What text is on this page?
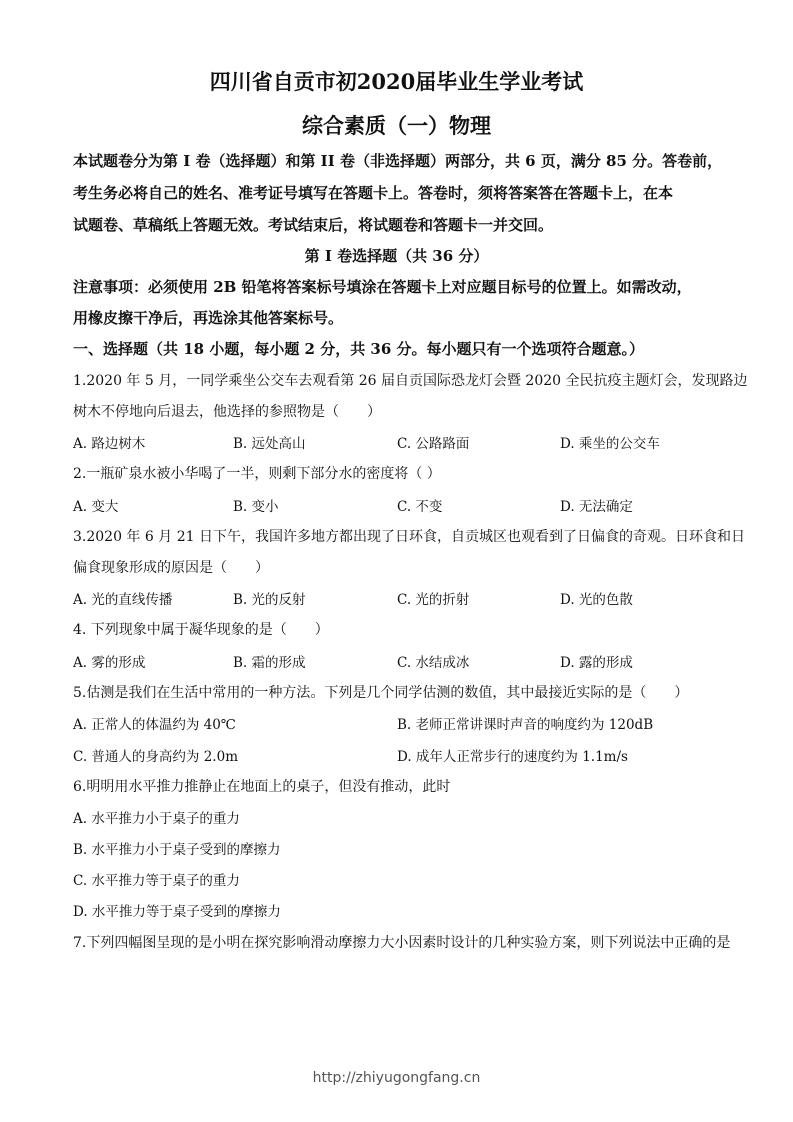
四川省自贡市初2020届毕业生学业考试
综合素质（一）物理
本试题卷分为第 I 卷（选择题）和第 II 卷（非选择题）两部分，共 6 页，满分 85 分。答卷前，
考生务必将自己的姓名、准考证号填写在答题卡上。答卷时，须将答案答在答题卡上，在本
试题卷、草稿纸上答题无效。考试结束后，将试题卷和答题卡一并交回。
第 I 卷选择题（共 36 分）
注意事项：必须使用 2B 铅笔将答案标号填涂在答题卡上对应题目标号的位置上。如需改动，
用橡皮擦干净后，再选涂其他答案标号。
一、选择题（共 18 小题，每小题 2 分，共 36 分。每小题只有一个选项符合题意。）
1.2020 年 5 月，一同学乘坐公交车去观看第 26 届自贡国际恐龙灯会暨 2020 全民抗疫主题灯会，发现路边
树木不停地向后退去，他选择的参照物是（　　）
A. 路边树木	B. 远处高山	C. 公路路面	D. 乘坐的公交车
2.一瓶矿泉水被小华喝了一半，则剩下部分水的密度将（ ）
A. 变大	B. 变小	C. 不变	D. 无法确定
3.2020 年 6 月 21 日下午，我国许多地方都出现了日环食，自贡城区也观看到了日偏食的奇观。日环食和日
偏食现象形成的原因是（　　）
A. 光的直线传播	B. 光的反射	C. 光的折射	D. 光的色散
4. 下列现象中属于凝华现象的是（　　）
A. 雾的形成	B. 霜的形成	C. 水结成冰	D. 露的形成
5.估测是我们在生活中常用的一种方法。下列是几个同学估测的数值，其中最接近实际的是（　　）
A. 正常人的体温约为 40℃	B. 老师正常讲课时声音的响度约为 120dB
C. 普通人的身高约为 2.0m	D. 成年人正常步行的速度约为 1.1m/s
6.明明用水平推力推静止在地面上的桌子，但没有推动，此时
A. 水平推力小于桌子的重力
B. 水平推力小于桌子受到的摩擦力
C. 水平推力等于桌子的重力
D. 水平推力等于桌子受到的摩擦力
7.下列四幅图呈现的是小明在探究影响滑动摩擦力大小因素时设计的几种实验方案，则下列说法中正确的是
http://zhiyugongfang.cn
